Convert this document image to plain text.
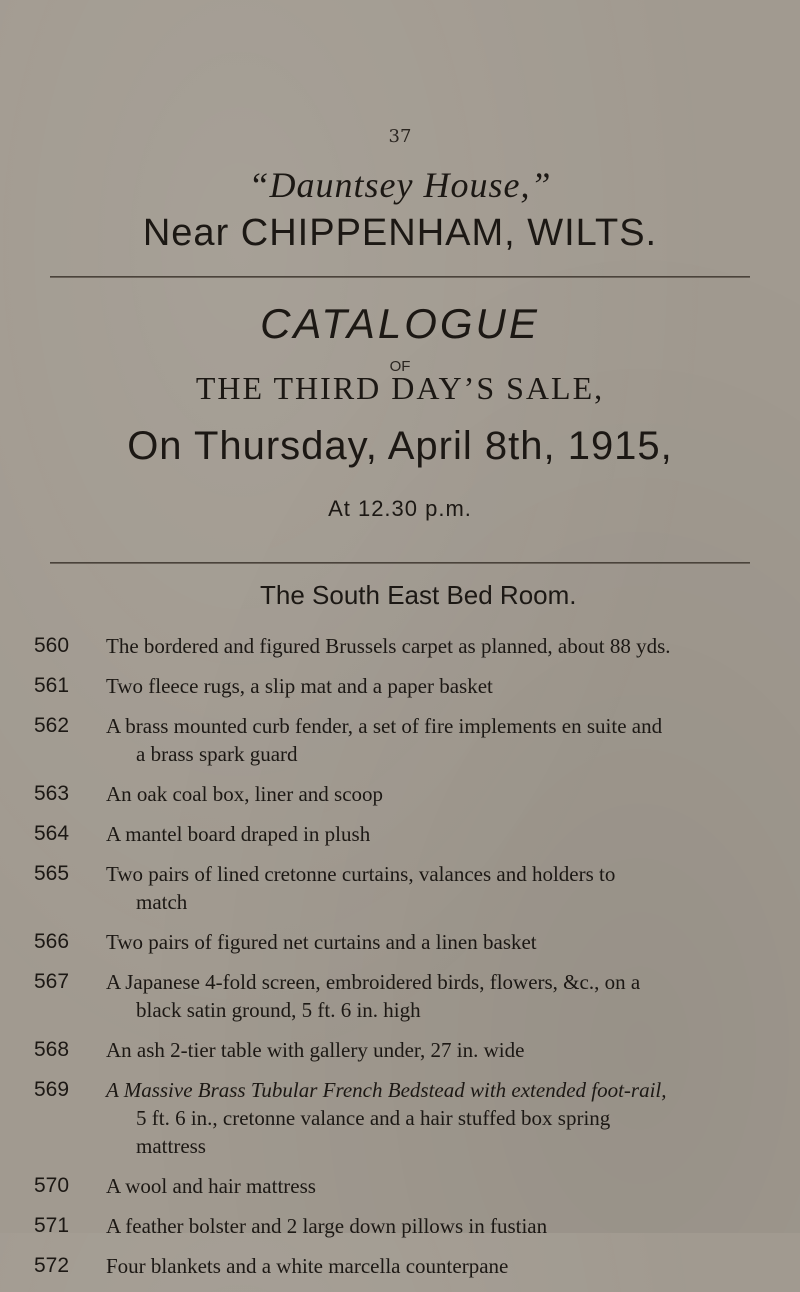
37
“Dauntsey House,”
Near CHIPPENHAM, WILTS.
CATALOGUE
OF
THE THIRD DAY’S SALE,
On Thursday, April 8th, 1915,
At 12.30 p.m.
The South East Bed Room.
560	The bordered and figured Brussels carpet as planned, about 88 yds.
561	Two fleece rugs, a slip mat and a paper basket
562	A brass mounted curb fender, a set of fire implements en suite and
a brass spark guard
563	An oak coal box, liner and scoop
564	A mantel board draped in plush
565	Two pairs of lined cretonne curtains, valances and holders to
match
566	Two pairs of figured net curtains and a linen basket
567	A Japanese 4-fold screen, embroidered birds, flowers, &c., on a
black satin ground, 5 ft. 6 in. high
568	An ash 2-tier table with gallery under, 27 in. wide
569	A Massive Brass Tubular French Bedstead with extended foot-rail,
5 ft. 6 in., cretonne valance and a hair stuffed box spring
mattress
570	A wool and hair mattress
571	A feather bolster and 2 large down pillows in fustian
572	Four blankets and a white marcella counterpane
